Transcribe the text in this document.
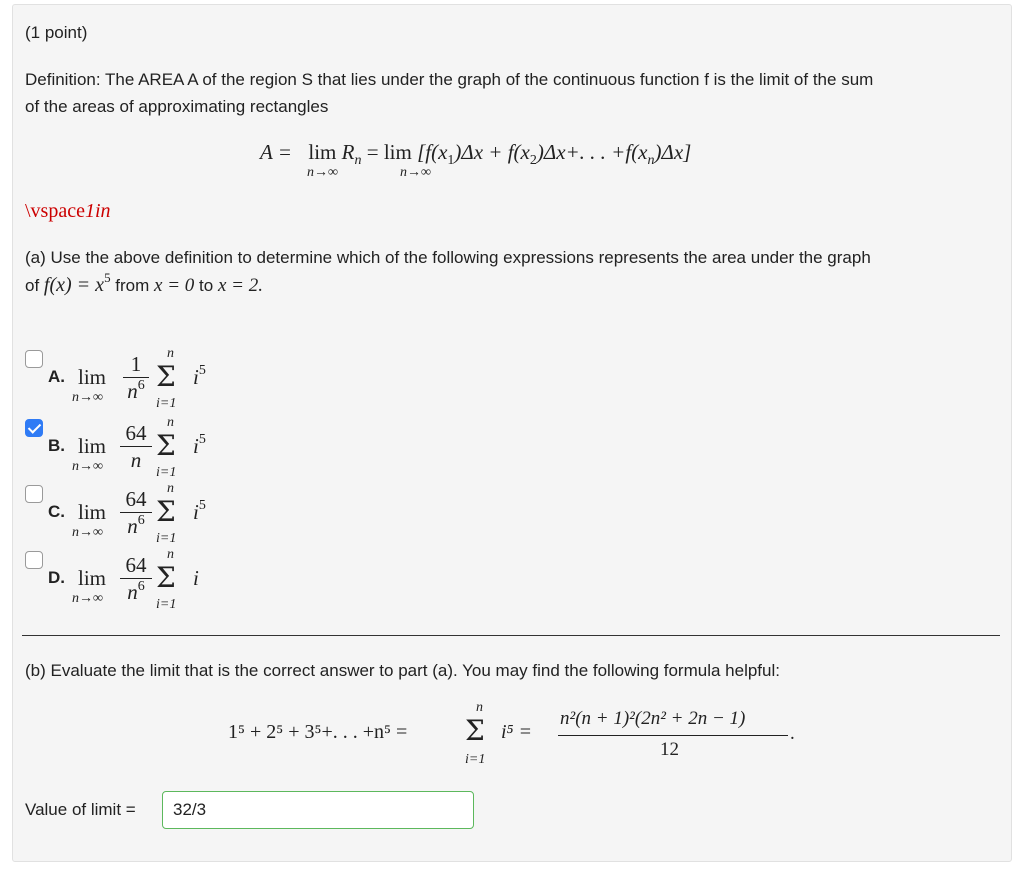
(1 point)
Definition: The AREA A of the region S that lies under the graph of the continuous function f is the limit of the sum
of the areas of approximating rectangles
$A = \lim R_n = \lim [f(x_1)\Delta x + f(x_2)\Delta x+$. . . $+f(x_n)\Delta x$]
n→∞	n→∞
\vspace1in
(a) Use the above definition to determine which of the following expressions represents the area under the graph
of $f(x) = x^5$ from x = 0 to x = 2.
A. lim
n→∞
1
$n^6$
n
Σ
i=1
$i^5$
B. lim
n→∞
64
n
n
Σ
i=1
$i^5$
C. lim
n→∞
64
$n^6$
n
Σ
i=1
$i^5$
D. lim
n→∞
64
$n^6$
n
Σ
i=1
i
(b) Evaluate the limit that is the correct answer to part (a). You may find the following formula helpful:
1⁵ + 2⁵ + 3⁵+. . . +n⁵ =
n
Σ
i=1
i⁵ =
n²(n + 1)²(2n² + 2n − 1)
12
.
Value of limit =	32/3
